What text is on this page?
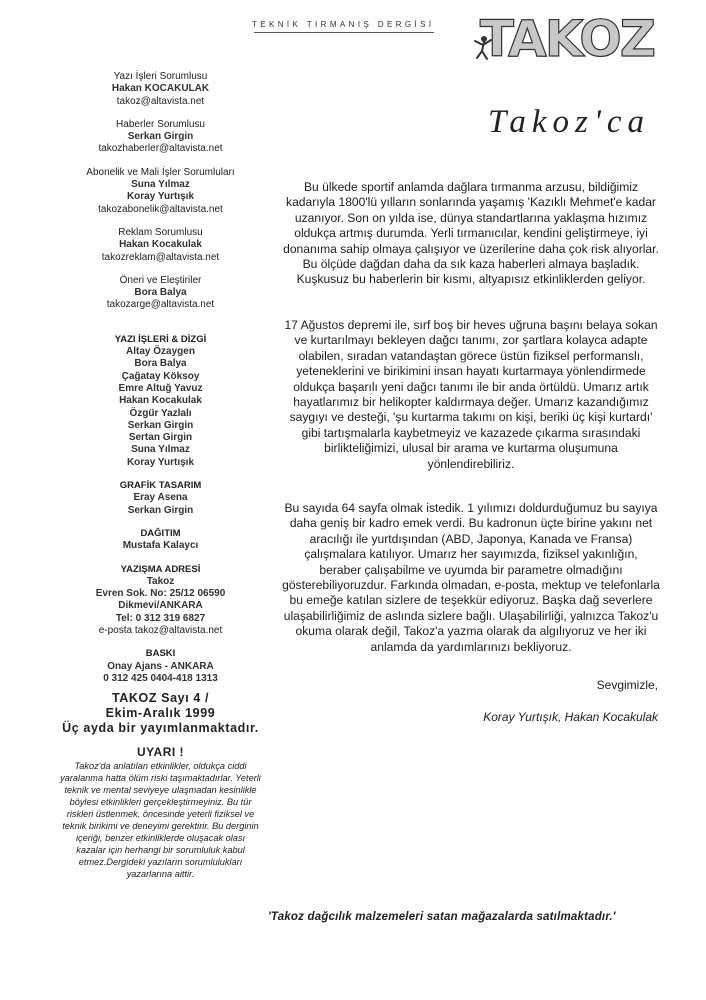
TEKNİK TIRMANIŞ DERGİSİ TAKOZ
Yazı İşleri Sorumlusu
Hakan KOCAKULAK
takoz@altavista.net
Haberler Sorumlusu
Serkan Girgin
takozhaberler@altavista.net
Abonelik ve Mali İşler Sorumluları
Suna Yılmaz
Koray Yurtışık
takozabonelik@altavista.net
Reklam Sorumlusu
Hakan Kocakulak
takozreklam@altavista.net
Öneri ve Eleştiriler
Bora Balya
takozarge@altavista.net
YAZI İŞLERİ & DİZGİ
Altay Özaygen
Bora Balya
Çağatay Köksoy
Emre Altuğ Yavuz
Hakan Kocakulak
Özgür Yazlalı
Serkan Girgin
Sertan Girgin
Suna Yılmaz
Koray Yurtışık
GRAFİK TASARIM
Eray Asena
Serkan Girgin
DAĞITIM
Mustafa Kalaycı
YAZIŞMA ADRESİ
Takoz
Evren Sok. No: 25/12 06590
Dikmevi/ANKARA
Tel: 0 312 319 6827
e-posta takoz@altavista.net
BASKI
Onay Ajans - ANKARA
0 312 425 0404-418 1313
TAKOZ Sayı 4 /
Ekim-Aralık 1999
Üç ayda bir yayımlanmaktadır.
UYARI !
Takoz'da anlatılan etkinlikler, oldukça ciddi yaralanma hatta ölüm riski taşımaktadırlar. Yeterli teknik ve mental seviyeye ulaşmadan kesinlikle böylesi etkinlikleri gerçekleştirmeyiniz. Bu tür riskleri üstlenmek, öncesinde yeterli fiziksel ve teknik birikimi ve deneyimi gerektirir. Bu derginin içeriği, benzer etkinliklerde oluşacak olası kazalar için herhangi bir sorumluluk kabul etmez.Dergideki yazıların sorumlulukları yazarlarına aittir.
Takoz'ca
Bu ülkede sportif anlamda dağlara tırmanma arzusu, bildiğimiz kadarıyla 1800'lü yılların sonlarında yaşamış 'Kazıklı Mehmet'e kadar uzanıyor. Son on yılda ise, dünya standartlarına yaklaşma hızımız oldukça artmış durumda. Yerli tırmanıcılar, kendini geliştirmeye, iyi donanıma sahip olmaya çalışıyor ve üzerilerine daha çok risk alıyorlar. Bu ölçüde dağdan daha da sık kaza haberleri almaya başladık. Kuşkusuz bu haberlerin bir kısmı, altyapısız etkinliklerden geliyor.
17 Ağustos depremi ile, sırf boş bir heves uğruna başını belaya sokan ve kurtarılmayı bekleyen dağcı tanımı, zor şartlara kolayca adapte olabilen, sıradan vatandaştan görece üstün fiziksel performanslı, yeteneklerini ve birikimini insan hayatı kurtarmaya yönlendirmede oldukça başarılı yeni dağcı tanımı ile bir anda örtüldü. Umarız artık hayatlarımız bir helikopter kaldırmaya değer. Umarız kazandığımız saygıyı ve desteği, 'şu kurtarma takımı on kişi, beriki üç kişi kurtardı' gibi tartışmalarla kaybetmeyiz ve kazazede çıkarma sırasındaki birlikteliğimizi, ulusal bir arama ve kurtarma oluşumuna yönlendirebiliriz.
Bu sayıda 64 sayfa olmak istedik. 1 yılımızı doldurduğumuz bu sayıya daha geniş bir kadro emek verdi. Bu kadronun üçte birine yakını net aracılığı ile yurtdışından (ABD, Japonya, Kanada ve Fransa) çalışmalara katılıyor. Umarız her sayımızda, fiziksel yakınlığın, beraber çalışabilme ve uyumda bir parametre olmadığını gösterebiliyoruzdur. Farkında olmadan, e-posta, mektup ve telefonlarla bu emeğe katılan sizlere de teşekkür ediyoruz. Başka dağ severlere ulaşabilirliğimiz de aslında sizlere bağlı. Ulaşabilirliği, yalnızca Takoz'u okuma olarak değil, Takoz'a yazma olarak da algılıyoruz ve her iki anlamda da yardımlarınızı bekliyoruz.
Sevgimizle,
Koray Yurtışık, Hakan Kocakulak
'Takoz dağcılık malzemeleri satan mağazalarda satılmaktadır.'
